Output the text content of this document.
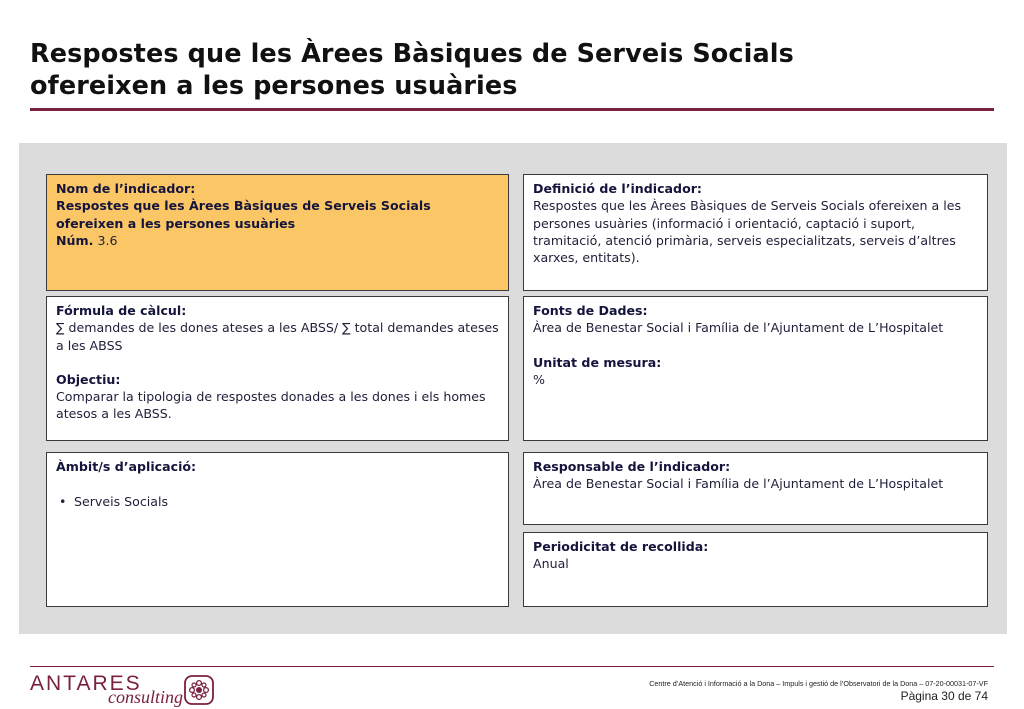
Respostes que les Àrees Bàsiques de Serveis Socials
ofereixen a les persones usuàries
Nom de l’indicador:
Respostes que les Àrees Bàsiques de Serveis Socials ofereixen a les persones usuàries
Núm. 3.6
Definició de l’indicador:
Respostes que les Àrees Bàsiques de Serveis Socials ofereixen a les persones usuàries (informació i orientació, captació i suport, tramitació, atenció primària, serveis especialitzats, serveis d’altres xarxes, entitats).
Fórmula de càlcul:
∑ demandes de les dones ateses a les ABSS/ ∑ total demandes ateses a les ABSS
Objectiu:
Comparar la tipologia de respostes donades a les dones i els homes atesos a les ABSS.
Fonts de Dades:
Àrea de Benestar Social i Família de l’Ajuntament de L’Hospitalet
Unitat de mesura:
%
Àmbit/s d’aplicació:
• Serveis Socials
Responsable de l’indicador:
Àrea de Benestar Social i Família de l’Ajuntament de L’Hospitalet
Periodicitat de recollida:
Anual
ANTARES
consulting
Centre d’Atenció i Informació a la Dona – Impuls i gestió de l’Observatori de la Dona – 07-20-00031-07-VF
Pàgina 30 de 74
